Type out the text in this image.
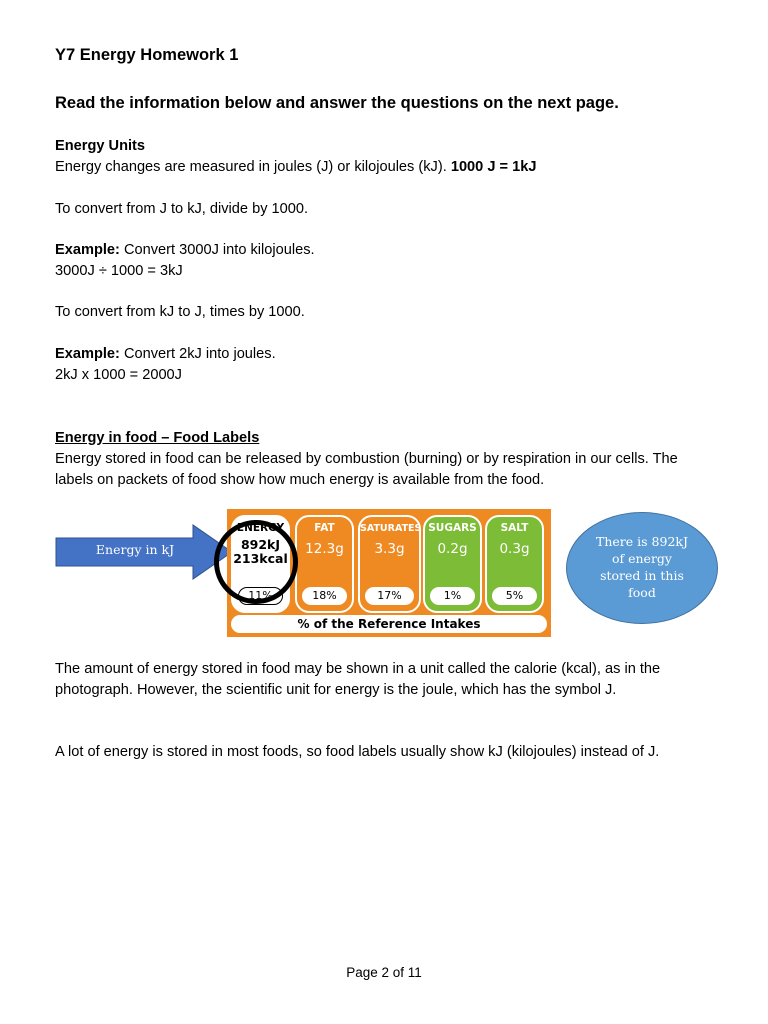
Y7 Energy Homework 1

Read the information below and answer the questions on the next page.

Energy Units

Energy changes are measured in joules (J) or kilojoules (kJ). 1000 J = 1kJ

To convert from J to kJ, divide by 1000.

Example: Convert 3000J into kilojoules.

3000J ÷ 1000 = 3kJ

To convert from kJ to J, times by 1000.

Example: Convert 2kJ into joules.

2kJ x 1000 = 2000J

Energy in food – Food Labels

Energy stored in food can be released by combustion (burning) or by respiration in our cells. The labels on packets of food show how much energy is available from the food.

The amount of energy stored in food may be shown in a unit called the calorie (kcal), as in the photograph. However, the scientific unit for energy is the joule, which has the symbol J.

A lot of energy is stored in most foods, so food labels usually show kJ (kilojoules) instead of J.

Energy in kJ
ENERGY
892kJ
213kcal
11%
FAT
12.3g
18%
SATURATES
3.3g
17%
SUGARS
0.2g
1%
SALT
0.3g
5%
% of the Reference Intakes
There is 892kJ of energy stored in this food
Page 2 of 11
